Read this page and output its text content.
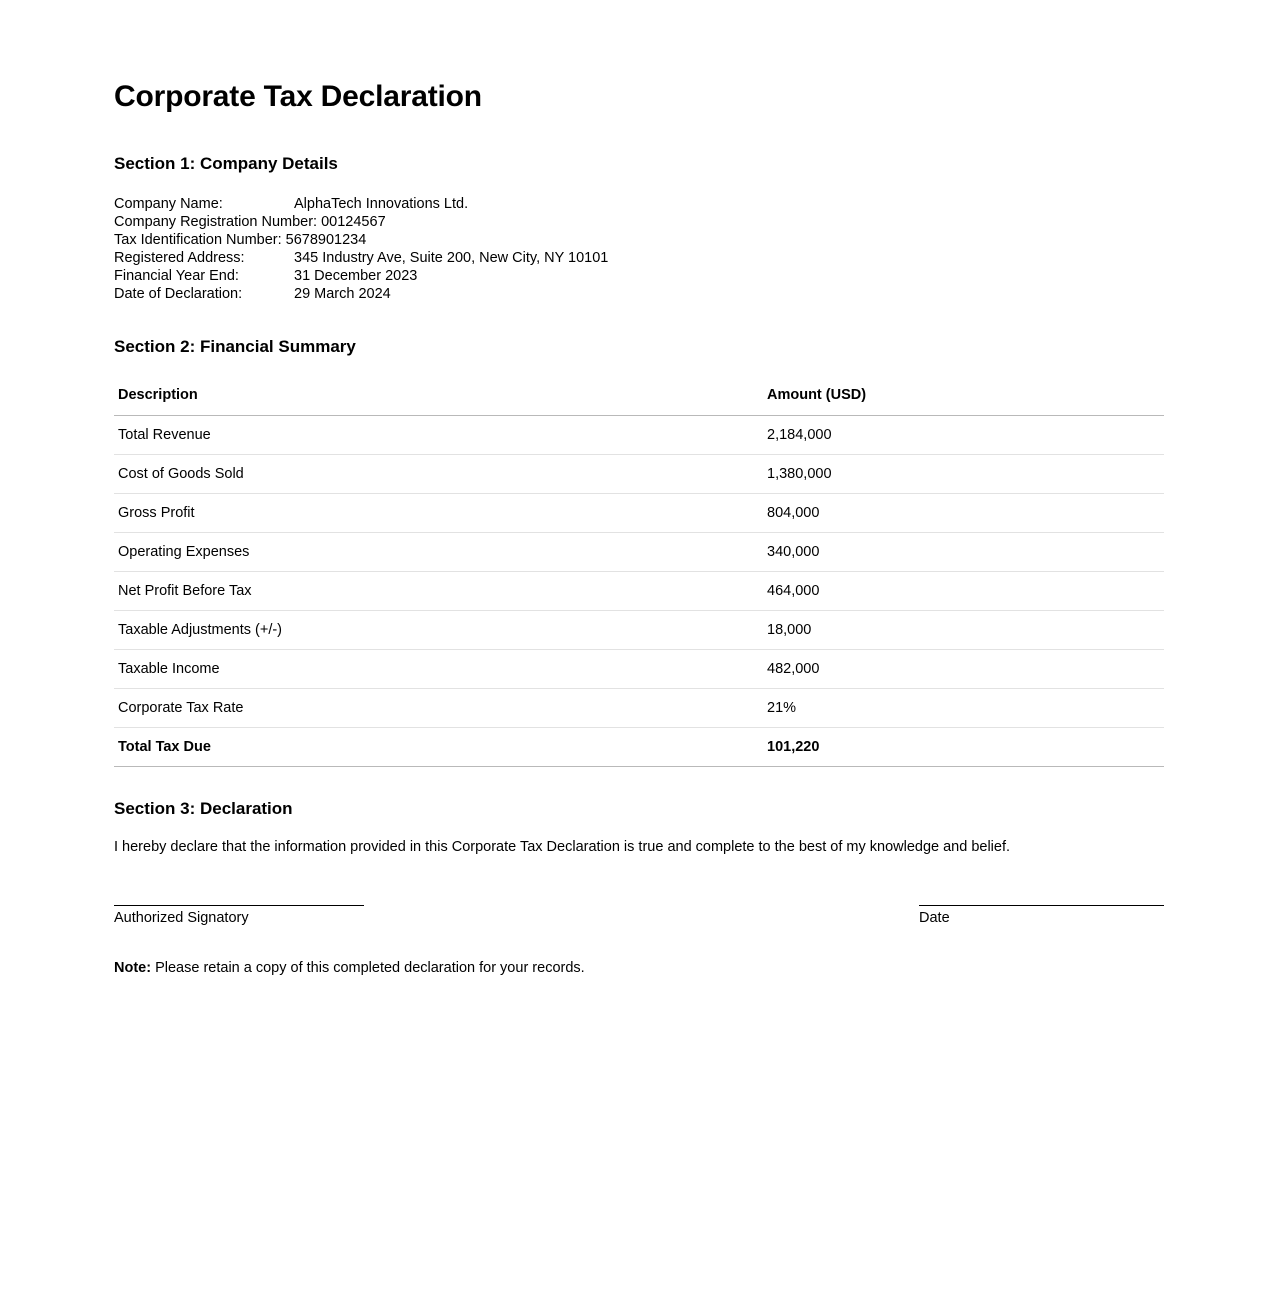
Corporate Tax Declaration
Section 1: Company Details
Company Name:	AlphaTech Innovations Ltd.
Company Registration Number: 00124567
Tax Identification Number: 5678901234
Registered Address:	345 Industry Ave, Suite 200, New City, NY 10101
Financial Year End:	31 December 2023
Date of Declaration:	29 March 2024
Section 2: Financial Summary
Description	Amount (USD)
Total Revenue	2,184,000
Cost of Goods Sold	1,380,000
Gross Profit	804,000
Operating Expenses	340,000
Net Profit Before Tax	464,000
Taxable Adjustments (+/-)	18,000
Taxable Income	482,000
Corporate Tax Rate	21%
Total Tax Due	101,220
Section 3: Declaration

I hereby declare that the information provided in this Corporate Tax Declaration is true and complete to the best of my knowledge and belief.

Authorized Signatory	Date
Note: Please retain a copy of this completed declaration for your records.
